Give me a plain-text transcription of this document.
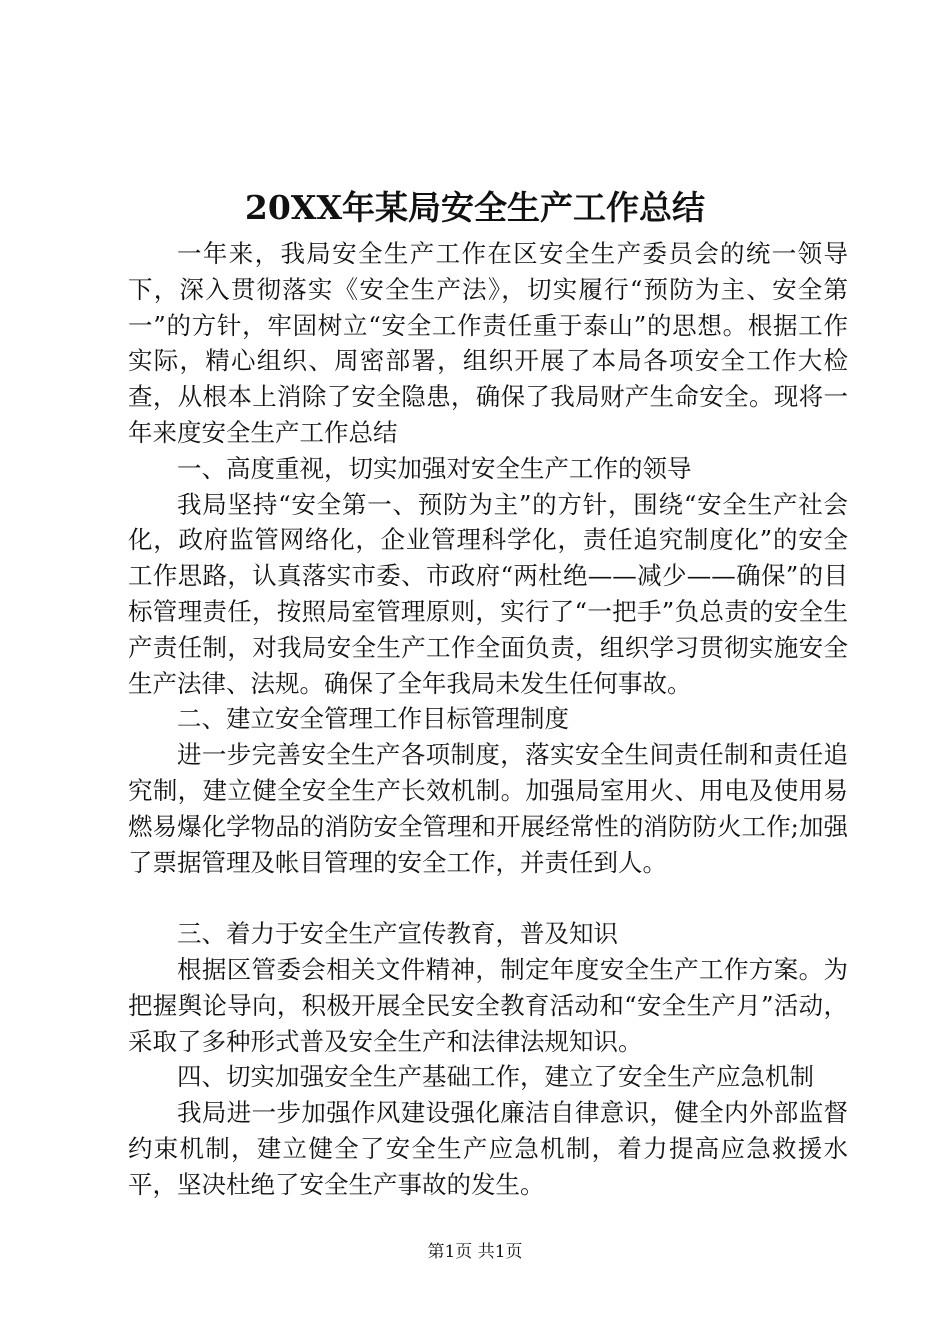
20XX年某局安全生产工作总结

一年来，我局安全生产工作在区安全生产委员会的统一领导下，深入贯彻落实《安全生产法》，切实履行“预防为主、安全第一”的方针，牢固树立“安全工作责任重于泰山”的思想。根据工作实际，精心组织、周密部署，组织开展了本局各项安全工作大检查，从根本上消除了安全隐患，确保了我局财产生命安全。现将一年来度安全生产工作总结

一、高度重视，切实加强对安全生产工作的领导

我局坚持“安全第一、预防为主”的方针，围绕“安全生产社会化，政府监管网络化，企业管理科学化，责任追究制度化”的安全工作思路，认真落实市委、市政府“两杜绝——减少——确保”的目标管理责任，按照局室管理原则，实行了“一把手”负总责的安全生产责任制，对我局安全生产工作全面负责，组织学习贯彻实施安全生产法律、法规。确保了全年我局未发生任何事故。

二、建立安全管理工作目标管理制度

进一步完善安全生产各项制度，落实安全生间责任制和责任追究制，建立健全安全生产长效机制。加强局室用火、用电及使用易燃易爆化学物品的消防安全管理和开展经常性的消防防火工作;加强了票据管理及帐目管理的安全工作，并责任到人。

三、着力于安全生产宣传教育，普及知识

根据区管委会相关文件精神，制定年度安全生产工作方案。为把握舆论导向，积极开展全民安全教育活动和“安全生产月”活动，采取了多种形式普及安全生产和法律法规知识。

四、切实加强安全生产基础工作，建立了安全生产应急机制

我局进一步加强作风建设强化廉洁自律意识，健全内外部监督约束机制，建立健全了安全生产应急机制，着力提高应急救援水平，坚决杜绝了安全生产事故的发生。

第1页 共1页
